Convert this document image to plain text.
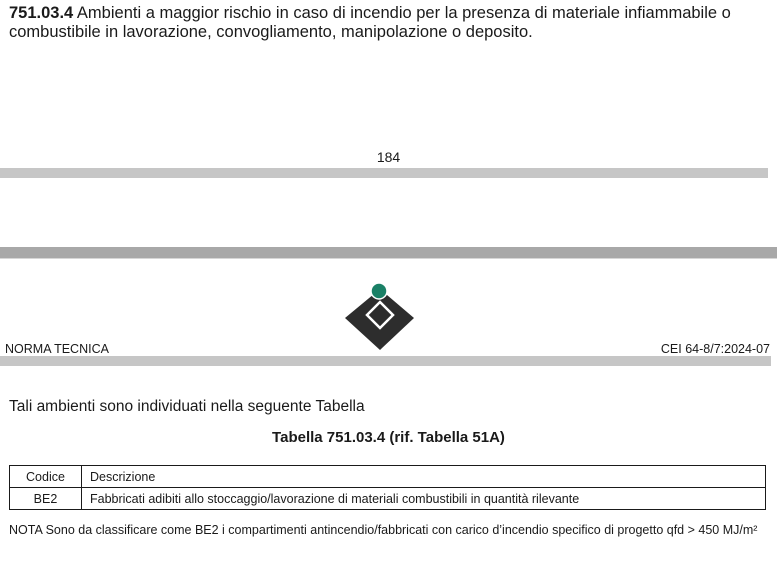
751.03.4 Ambienti a maggior rischio in caso di incendio per la presenza di materiale infiammabile o combustibile in lavorazione, convogliamento, manipolazione o deposito.

184
NORMA TECNICA	CEI 64-8/7:2024-07
Tali ambienti sono individuati nella seguente Tabella
Tabella 751.03.4 (rif. Tabella 51A)
Codice	Descrizione
BE2	Fabbricati adibiti allo stoccaggio/lavorazione di materiali combustibili in quantità rilevante
NOTA Sono da classificare come BE2 i compartimenti antincendio/fabbricati con carico d’incendio specifico di progetto qfd > 450 MJ/m²
